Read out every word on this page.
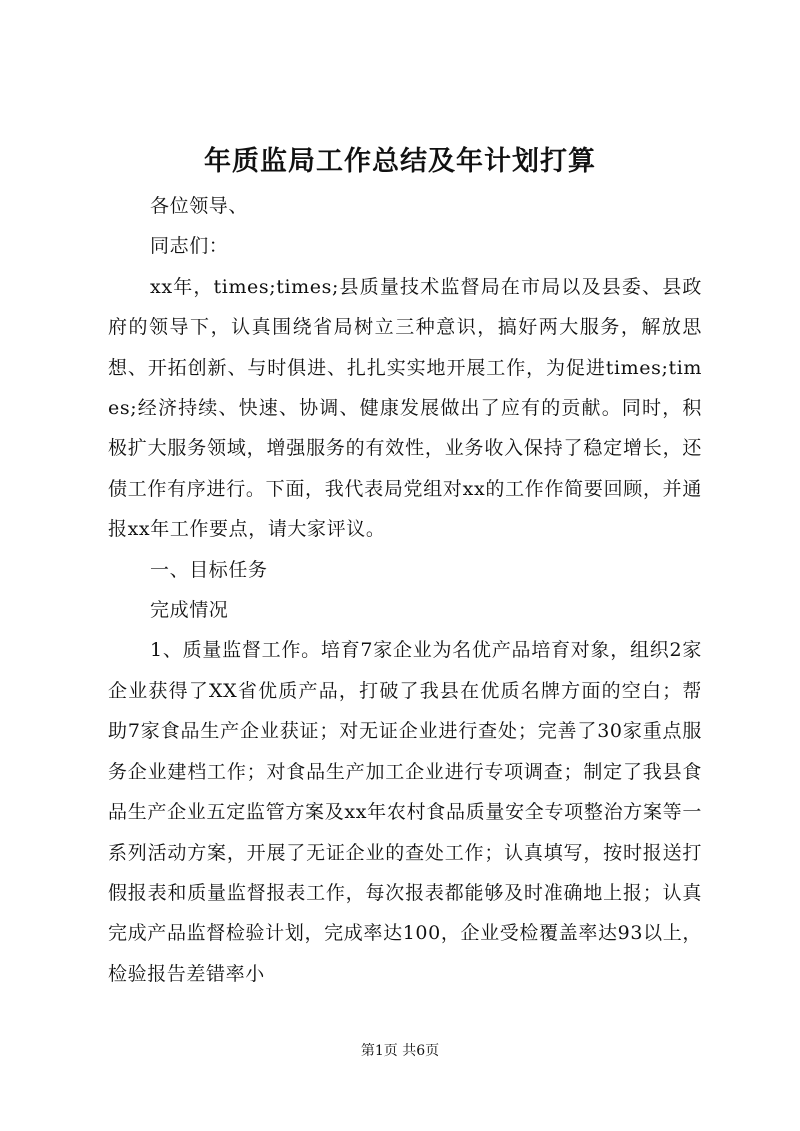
年质监局工作总结及年计划打算

各位领导、

同志们：

xx年，times;times;县质量技术监督局在市局以及县委、县政府的领导下，认真围绕省局树立三种意识，搞好两大服务，解放思想、开拓创新、与时俱进、扎扎实实地开展工作，为促进times;times;经济持续、快速、协调、健康发展做出了应有的贡献。同时，积极扩大服务领域，增强服务的有效性，业务收入保持了稳定增长，还债工作有序进行。下面，我代表局党组对xx的工作作简要回顾，并通报xx年工作要点，请大家评议。

一、目标任务

完成情况

1、质量监督工作。培育7家企业为名优产品培育对象，组织2家企业获得了XX省优质产品，打破了我县在优质名牌方面的空白；帮助7家食品生产企业获证；对无证企业进行查处；完善了30家重点服务企业建档工作；对食品生产加工企业进行专项调查；制定了我县食品生产企业五定监管方案及xx年农村食品质量安全专项整治方案等一系列活动方案，开展了无证企业的查处工作；认真填写，按时报送打假报表和质量监督报表工作，每次报表都能够及时准确地上报；认真完成产品监督检验计划，完成率达100，企业受检覆盖率达93以上，检验报告差错率小

第1页 共6页
